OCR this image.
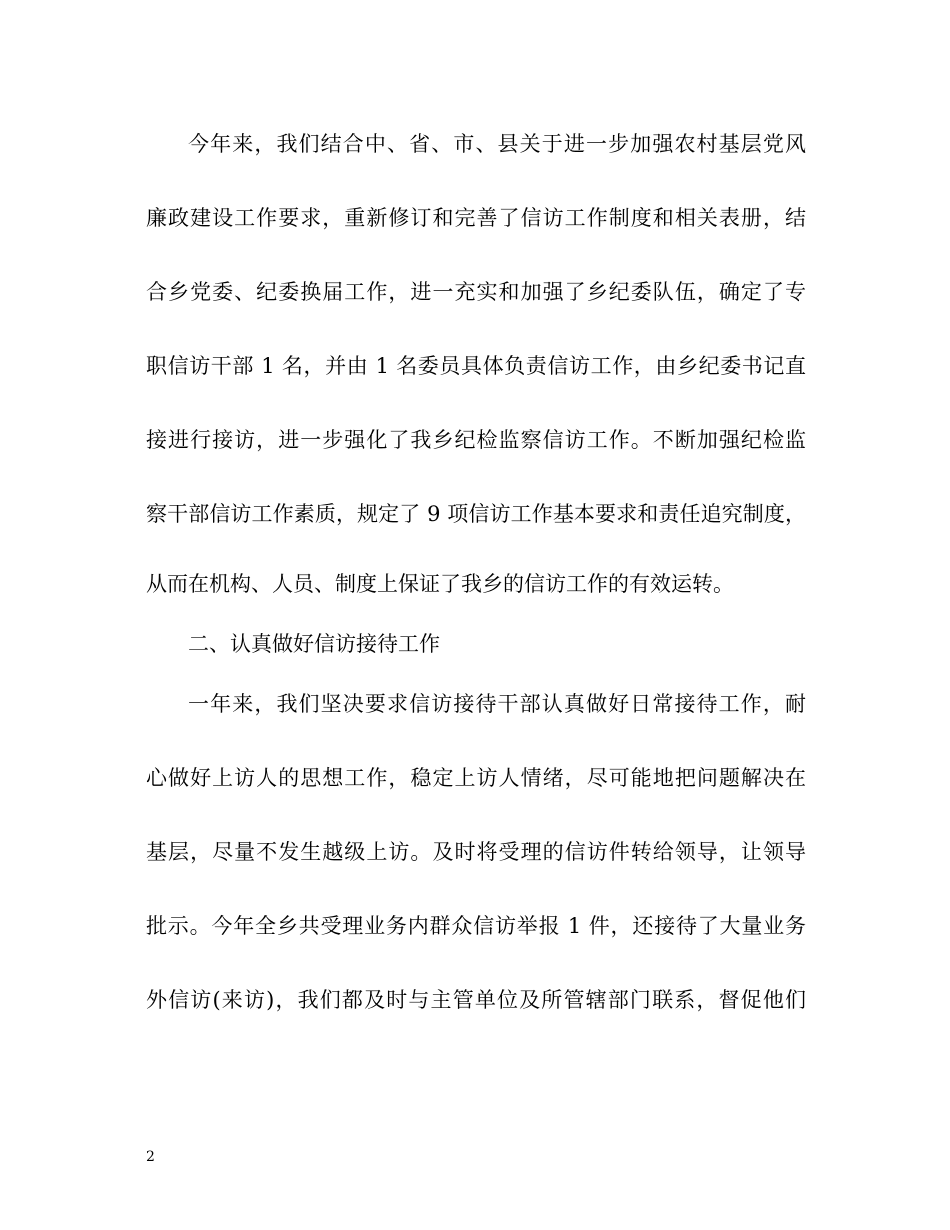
今年来，我们结合中、省、市、县关于进一步加强农村基层党风
廉政建设工作要求，重新修订和完善了信访工作制度和相关表册，结
合乡党委、纪委换届工作，进一充实和加强了乡纪委队伍，确定了专
职信访干部 1 名，并由 1 名委员具体负责信访工作，由乡纪委书记直
接进行接访，进一步强化了我乡纪检监察信访工作。不断加强纪检监
察干部信访工作素质，规定了 9 项信访工作基本要求和责任追究制度，
从而在机构、人员、制度上保证了我乡的信访工作的有效运转。
二、认真做好信访接待工作
一年来，我们坚决要求信访接待干部认真做好日常接待工作，耐
心做好上访人的思想工作，稳定上访人情绪，尽可能地把问题解决在
基层，尽量不发生越级上访。及时将受理的信访件转给领导，让领导
批示。今年全乡共受理业务内群众信访举报 1 件，还接待了大量业务
外信访(来访)，我们都及时与主管单位及所管辖部门联系，督促他们
2
